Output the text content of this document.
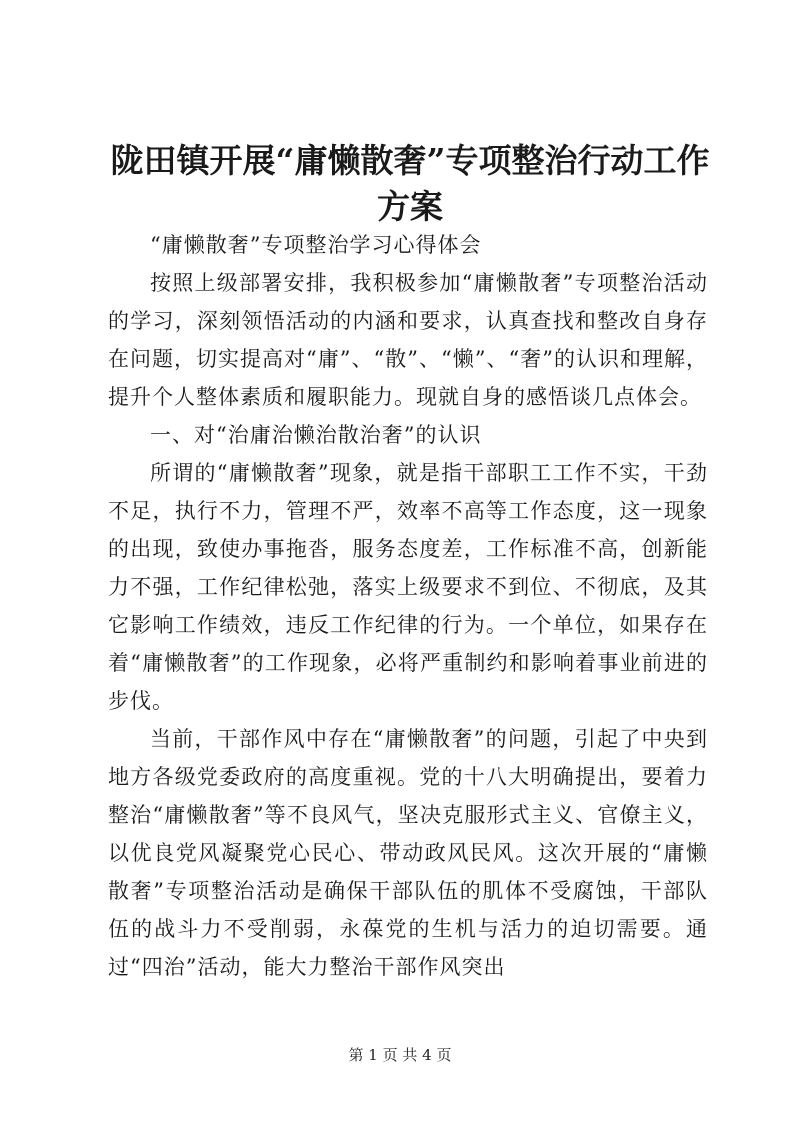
陇田镇开展“庸懒散奢”专项整治行动工作方案

“庸懒散奢”专项整治学习心得体会

按照上级部署安排，我积极参加“庸懒散奢”专项整治活动的学习，深刻领悟活动的内涵和要求，认真查找和整改自身存在问题，切实提高对“庸”、“散”、“懒”、“奢”的认识和理解，提升个人整体素质和履职能力。现就自身的感悟谈几点体会。

一、对“治庸治懒治散治奢”的认识

所谓的“庸懒散奢”现象，就是指干部职工工作不实，干劲不足，执行不力，管理不严，效率不高等工作态度，这一现象的出现，致使办事拖沓，服务态度差，工作标准不高，创新能力不强，工作纪律松弛，落实上级要求不到位、不彻底，及其它影响工作绩效，违反工作纪律的行为。一个单位，如果存在着“庸懒散奢”的工作现象，必将严重制约和影响着事业前进的步伐。

当前，干部作风中存在“庸懒散奢”的问题，引起了中央到地方各级党委政府的高度重视。党的十八大明确提出，要着力整治“庸懒散奢”等不良风气，坚决克服形式主义、官僚主义，以优良党风凝聚党心民心、带动政风民风。这次开展的“庸懒散奢”专项整治活动是确保干部队伍的肌体不受腐蚀，干部队伍的战斗力不受削弱，永葆党的生机与活力的迫切需要。通过“四治”活动，能大力整治干部作风突出

第 1 页 共 4 页
